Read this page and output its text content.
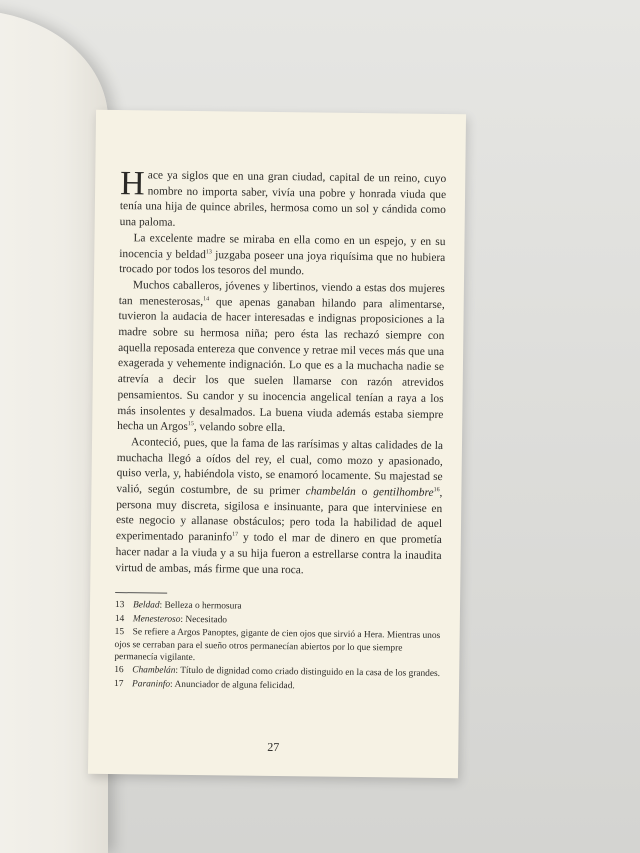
Hace ya siglos que en una gran ciudad, capital de un reino, cuyo nombre no importa saber, vivía una pobre y honrada viuda que tenía una hija de quince abriles, hermosa como un sol y cándida como una paloma.

La excelente madre se miraba en ella como en un espejo, y en su inocencia y beldad$^{13}$ juzgaba poseer una joya riquísima que no hubiera trocado por todos los tesoros del mundo.

Muchos caballeros, jóvenes y libertinos, viendo a estas dos mujeres tan menesterosas,$^{14}$ que apenas ganaban hilando para alimentarse, tuvieron la audacia de hacer interesadas e indignas proposiciones a la madre sobre su hermosa niña; pero ésta las rechazó siempre con aquella reposada entereza que convence y retrae mil veces más que una exagerada y vehemente indignación. Lo que es a la muchacha nadie se atrevía a decir los que suelen llamarse con razón atrevidos pensamientos. Su candor y su inocencia angelical tenían a raya a los más insolentes y desalmados. La buena viuda además estaba siempre hecha un Argos$^{15}$, velando sobre ella.

Aconteció, pues, que la fama de las rarísimas y altas calidades de la muchacha llegó a oídos del rey, el cual, como mozo y apasionado, quiso verla, y, habiéndola visto, se enamoró locamente. Su majestad se valió, según costumbre, de su primer chambelán o gentilhombre$^{16}$, persona muy discreta, sigilosa e insinuante, para que interviniese en este negocio y allanase obstáculos; pero toda la habilidad de aquel experimentado paraninfo$^{17}$ y todo el mar de dinero en que prometía hacer nadar a la viuda y a su hija fueron a estrellarse contra la inaudita virtud de ambas, más firme que una roca.

13 Beldad: Belleza o hermosura
14 Menesteroso: Necesitado
15 Se refiere a Argos Panoptes, gigante de cien ojos que sirvió a Hera. Mientras unos ojos se cerraban para el sueño otros permanecían abiertos por lo que siempre permanecía vigilante.
16 Chambelán: Título de dignidad como criado distinguido en la casa de los grandes.
17 Paraninfo: Anunciador de alguna felicidad.
27
